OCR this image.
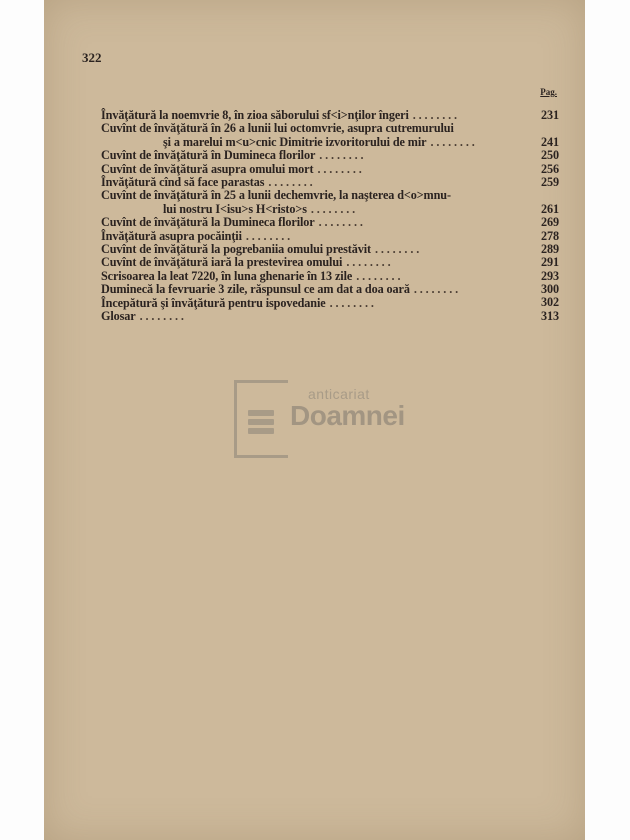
322
Pag.
Învăţătură la noemvrie 8, în zioa săborului sf<i>nţilor îngeri . . . . . . . .	231
Cuvînt de învăţătură în 26 a lunii lui octomvrie, asupra cutremurului
şi a marelui m<u>cnic Dimitrie izvoritorului de mir . . . . . . . .	241
Cuvînt de învăţătură în Dumineca florilor . . . . . . . .	250
Cuvînt de învăţătură asupra omului mort . . . . . . . .	256
Învăţătură cînd să face parastas . . . . . . . .	259
Cuvînt de învăţătură în 25 a lunii dechemvrie, la naşterea d<o>mnu-
lui nostru I<isu>s H<risto>s . . . . . . . .	261
Cuvînt de învăţătură la Dumineca florilor . . . . . . . .	269
Învăţătură asupra pocăinţii . . . . . . . .	278
Cuvînt de învăţătură la pogrebaniia omului prestăvit . . . . . . . .	289
Cuvînt de învăţătură iară la prestevirea omului . . . . . . . .	291
Scrisoarea la leat 7220, în luna ghenarie în 13 zile . . . . . . . .	293
Duminecă la fevruarie 3 zile, răspunsul ce am dat a doa oară . . . . . . . .	300
Începătură şi învăţătură pentru ispovedanie . . . . . . . .	302
Glosar . . . . . . . .	313
anticariat
Doamnei
